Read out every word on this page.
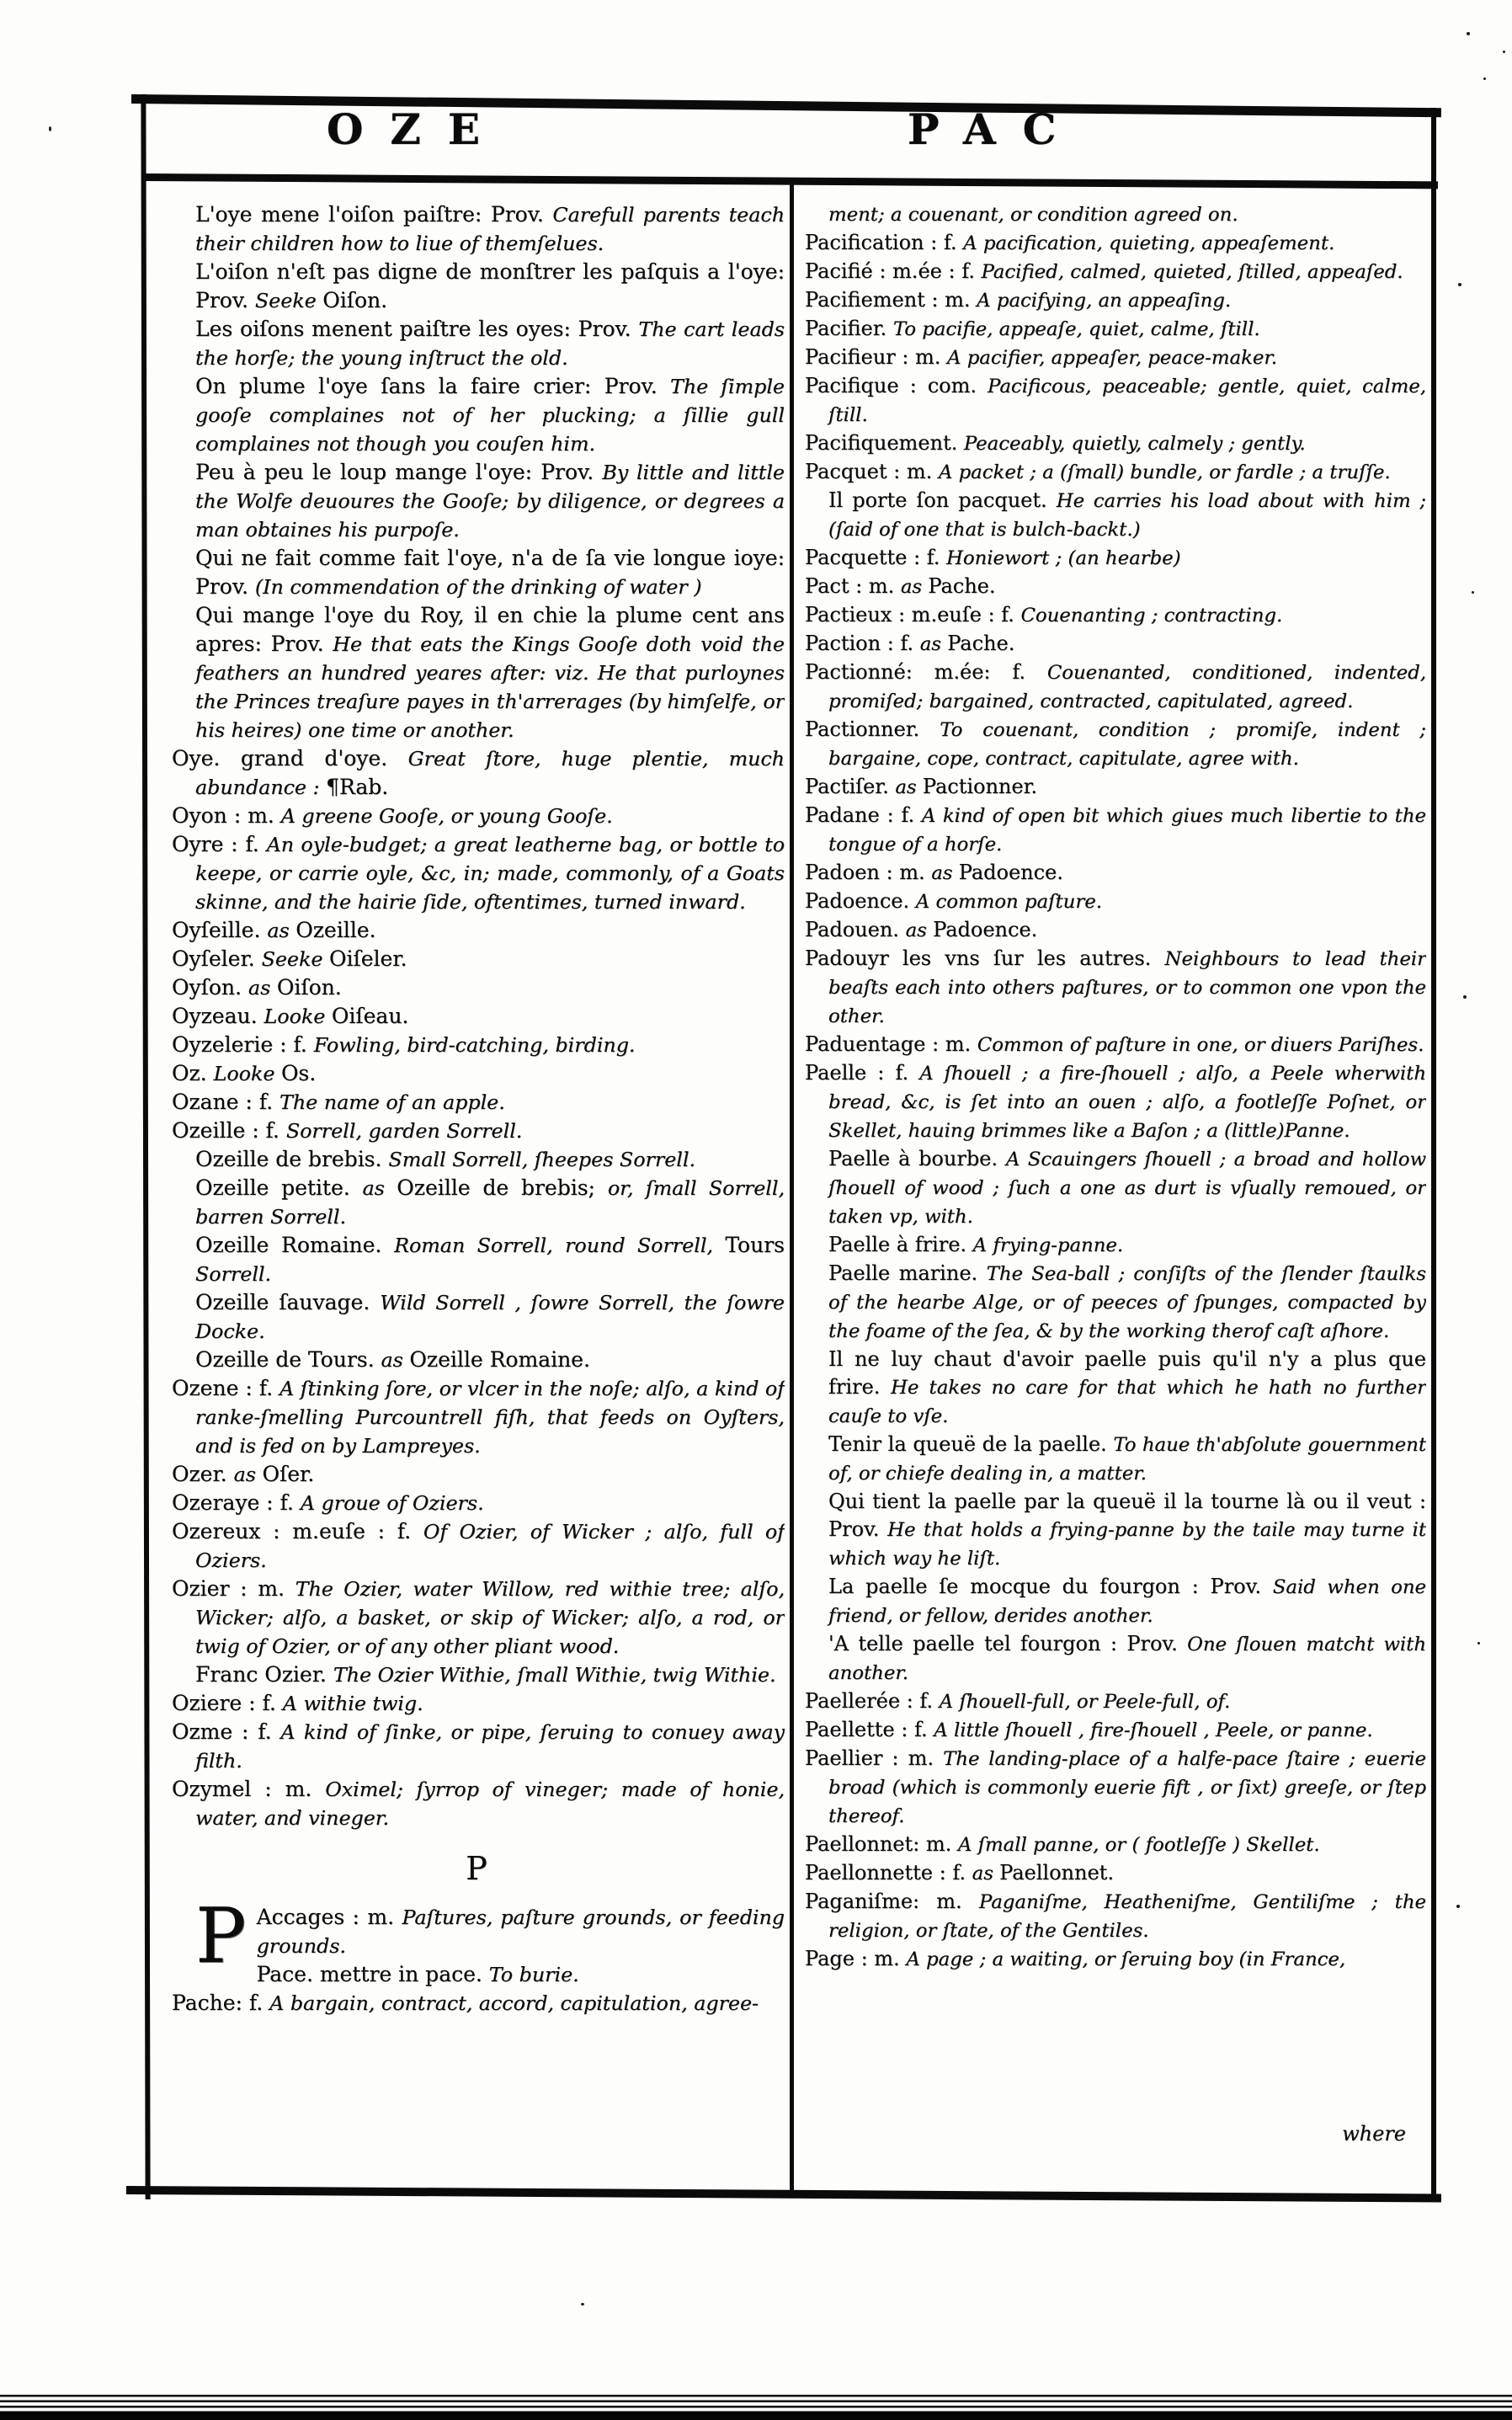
OZE	PAC

L'oye mene l'oiſon paiſtre: Prov. Carefull parents teach their children how to liue of themſelues.

L'oiſon n'eſt pas digne de monſtrer les paſquis a l'oye: Prov. Seeke Oiſon.

Les oiſons menent paiſtre les oyes: Prov. The cart leads the horſe; the young inſtruct the old.

On plume l'oye ſans la faire crier: Prov. The ſimple gooſe complaines not of her plucking; a ſillie gull complaines not though you couſen him.

Peu à peu le loup mange l'oye: Prov. By little and little the Wolfe deuoures the Gooſe; by diligence, or degrees a man obtaines his purpoſe.

Qui ne fait comme fait l'oye, n'a de ſa vie longue ioye: Prov. (In commendation of the drinking of water )

Qui mange l'oye du Roy, il en chie la plume cent ans apres: Prov. He that eats the Kings Gooſe doth void the feathers an hundred yeares after: viz. He that purloynes the Princes treaſure payes in th'arrerages (by himſelfe, or his heires) one time or another.

Oye. grand d'oye. Great ſtore, huge plentie, much abundance : ¶Rab.

Oyon : m. A greene Gooſe, or young Gooſe.

Oyre : f. An oyle-budget; a great leatherne bag, or bottle to keepe, or carrie oyle, &c, in; made, commonly, of a Goats skinne, and the hairie ſide, oftentimes, turned inward.

Oyſeille. as Ozeille.

Oyſeler. Seeke Oiſeler.

Oyſon. as Oiſon.

Oyzeau. Looke Oiſeau.

Oyzelerie : f. Fowling, bird-catching, birding.

Oz. Looke Os.

Ozane : f. The name of an apple.

Ozeille : f. Sorrell, garden Sorrell.

Ozeille de brebis. Small Sorrell, ſheepes Sorrell.

Ozeille petite. as Ozeille de brebis; or, ſmall Sorrell, barren Sorrell.

Ozeille Romaine. Roman Sorrell, round Sorrell, Tours Sorrell.

Ozeille ſauvage. Wild Sorrell , ſowre Sorrell, the ſowre Docke.

Ozeille de Tours. as Ozeille Romaine.

Ozene : f. A ſtinking ſore, or vlcer in the noſe; alſo, a kind of ranke-ſmelling Purcountrell fiſh, that feeds on Oyſters, and is fed on by Lampreyes.

Ozer. as Oſer.

Ozeraye : f. A groue of Oziers.

Ozereux : m.euſe : f. Of Ozier, of Wicker ; alſo, full of Oziers.

Ozier : m. The Ozier, water Willow, red withie tree; alſo, Wicker; alſo, a basket, or skip of Wicker; alſo, a rod, or twig of Ozier, or of any other pliant wood.

Franc Ozier. The Ozier Withie, ſmall Withie, twig Withie.

Oziere : f. A withie twig.

Ozme : f. A kind of ſinke, or pipe, ſeruing to conuey away filth.

Ozymel : m. Oximel; ſyrrop of vineger; made of honie, water, and vineger.

P

P Accages : m. Paſtures, paſture grounds, or feeding grounds.

Pace. mettre in pace. To burie.

Pache: f. A bargain, contract, accord, capitulation, agree-

ment; a couenant, or condition agreed on.

Pacification : f. A pacification, quieting, appeaſement.

Pacifié : m.ée : f. Pacified, calmed, quieted, ſtilled, appeaſed.

Pacifiement : m. A pacifying, an appeaſing.

Pacifier. To pacifie, appeaſe, quiet, calme, ſtill.

Pacifieur : m. A pacifier, appeaſer, peace-maker.

Pacifique : com. Pacificous, peaceable; gentle, quiet, calme, ſtill.

Pacifiquement. Peaceably, quietly, calmely ; gently.

Pacquet : m. A packet ; a (ſmall) bundle, or fardle ; a truſſe.

Il porte ſon pacquet. He carries his load about with him ; (ſaid of one that is bulch-backt.)

Pacquette : f. Honiewort ; (an hearbe)

Pact : m. as Pache.

Pactieux : m.euſe : f. Couenanting ; contracting.

Paction : f. as Pache.

Pactionné: m.ée: f. Couenanted, conditioned, indented, promiſed; bargained, contracted, capitulated, agreed.

Pactionner. To couenant, condition ; promiſe, indent ; bargaine, cope, contract, capitulate, agree with.

Pactiſer. as Pactionner.

Padane : f. A kind of open bit which giues much libertie to the tongue of a horſe.

Padoen : m. as Padoence.

Padoence. A common paſture.

Padouen. as Padoence.

Padouyr les vns ſur les autres. Neighbours to lead their beaſts each into others paſtures, or to common one vpon the other.

Paduentage : m. Common of paſture in one, or diuers Pariſhes.

Paelle : f. A ſhouell ; a fire-ſhouell ; alſo, a Peele wherwith bread, &c, is ſet into an ouen ; alſo, a footleſſe Poſnet, or Skellet, hauing brimmes like a Baſon ; a (little)Panne.

Paelle à bourbe. A Scauingers ſhouell ; a broad and hollow ſhouell of wood ; ſuch a one as durt is vſually remoued, or taken vp, with.

Paelle à frire. A frying-panne.

Paelle marine. The Sea-ball ; conſiſts of the ſlender ſtaulks of the hearbe Alge, or of peeces of ſpunges, compacted by the foame of the ſea, & by the working therof caſt aſhore.

Il ne luy chaut d'avoir paelle puis qu'il n'y a plus que frire. He takes no care for that which he hath no further cauſe to vſe.

Tenir la queuë de la paelle. To haue th'abſolute gouernment of, or chiefe dealing in, a matter.

Qui tient la paelle par la queuë il la tourne là ou il veut : Prov. He that holds a frying-panne by the taile may turne it which way he liſt.

La paelle ſe mocque du fourgon : Prov. Said when one friend, or fellow, derides another.

'A telle paelle tel fourgon : Prov. One ſlouen matcht with another.

Paellerée : f. A ſhouell-full, or Peele-full, of.

Paellette : f. A little ſhouell , fire-ſhouell , Peele, or panne.

Paellier : m. The landing-place of a halfe-pace ſtaire ; euerie broad (which is commonly euerie fift , or ſixt) greeſe, or ſtep thereof.

Paellonnet: m. A ſmall panne, or ( footleſſe ) Skellet.

Paellonnette : f. as Paellonnet.

Paganiſme: m. Paganiſme, Heatheniſme, Gentiliſme ; the religion, or ſtate, of the Gentiles.

Page : m. A page ; a waiting, or ſeruing boy (in France,

where
